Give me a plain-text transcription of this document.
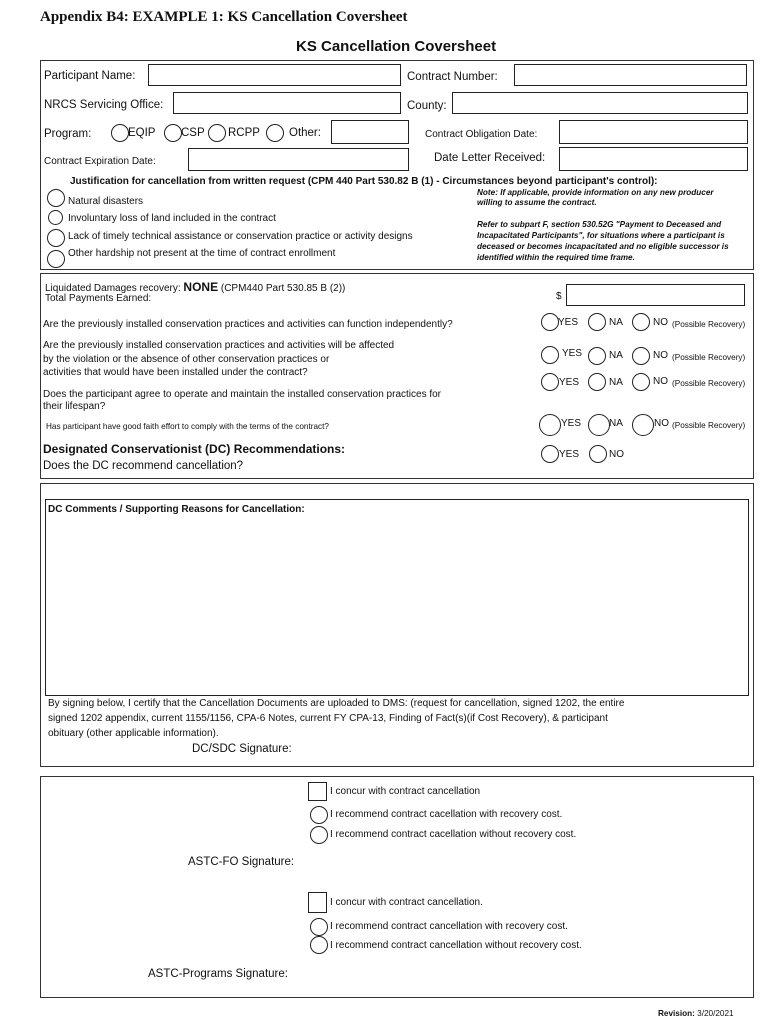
Appendix B4: EXAMPLE 1: KS Cancellation Coversheet
KS Cancellation Coversheet
Participant Name:	Contract Number:
NRCS Servicing Office:	County:
Program:	EQIP CSP RCPP	Other:	Contract Obligation Date:
Contract Expiration Date:	Date Letter Received:
Justification for cancellation from written request (CPM 440 Part 530.82 B (1) - Circumstances beyond participant's control):
Natural disasters
Involuntary loss of land included in the contract
Lack of timely technical assistance or conservation practice or activity designs
Other hardship not present at the time of contract enrollment
Note: If applicable, provide information on any new producer
willing to assume the contract.
Refer to subpart F, section 530.52G "Payment to Deceased and
Incapacitated Participants", for situations where a participant is
deceased or becomes incapacitated and no eligible successor is
identified within the required time frame.
Liquidated Damages recovery: NONE (CPM440 Part 530.85 B (2))
Total Payments Earned:	$
Are the previously installed conservation practices and activities can function independently?	YES	NA	NO (Possible Recovery)
Are the previously installed conservation practices and activities will be affected
by the violation or the absence of other conservation practices or
activities that would have been installed under the contract?
YES	NA	NO (Possible Recovery)
Does the participant agree to operate and maintain the installed conservation practices for
their lifespan?
YES	NA	NO (Possible Recovery)
Has participant have good faith effort to comply with the terms of the contract?	YES	NA	NO (Possible Recovery)
Designated Conservationist (DC) Recommendations:
Does the DC recommend cancellation?
YES	NO
DC Comments / Supporting Reasons for Cancellation:
By signing below, I certify that the Cancellation Documents are uploaded to DMS: (request for cancellation, signed 1202, the entire
signed 1202 appendix, current 1155/1156, CPA-6 Notes, current FY CPA-13, Finding of Fact(s)(if Cost Recovery), & participant
obituary (other applicable information).
DC/SDC Signature:
I concur with contract cancellation
I recommend contract cacellation with recovery cost.
I recommend contract cacellation without recovery cost.
ASTC-FO Signature:
I concur with contract cancellation.
I recommend contract cancellation with recovery cost.
I recommend contract cancellation without recovery cost.
ASTC-Programs Signature:
Revision: 3/20/2021
